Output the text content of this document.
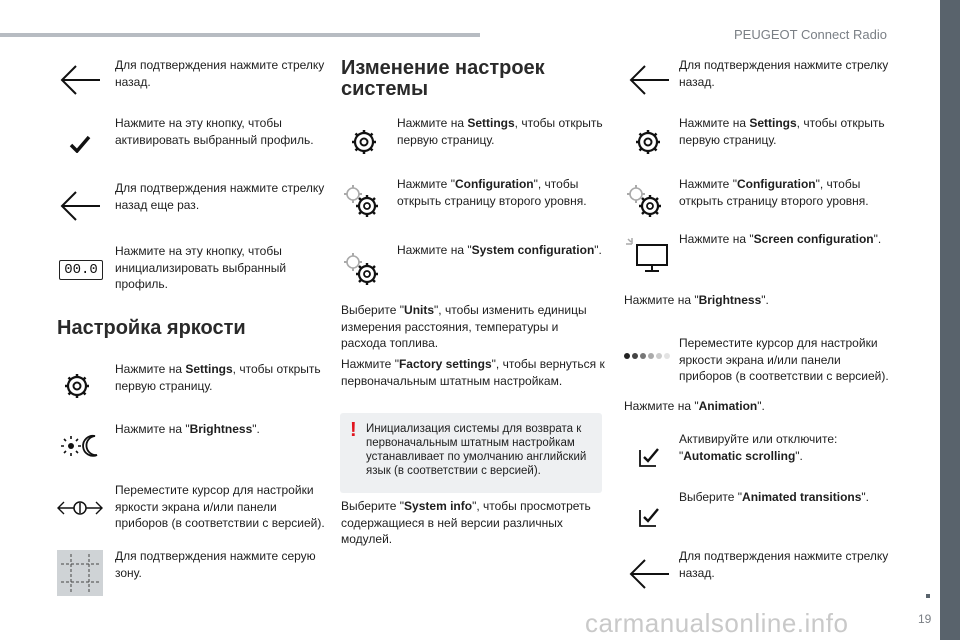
PEUGEOT Connect Radio
19
carmanualsonline.info
Для подтверждения нажмите стрелку назад.
Нажмите на эту кнопку, чтобы активировать выбранный профиль.
Для подтверждения нажмите стрелку назад еще раз.
00.0
Нажмите на эту кнопку, чтобы инициализировать выбранный профиль.
Настройка яркости
Нажмите на Settings, чтобы открыть первую страницу.
Нажмите на "Brightness".
Переместите курсор для настройки яркости экрана и/или панели приборов (в соответствии с версией).
Для подтверждения нажмите серую зону.
Изменение настроек системы
Нажмите на Settings, чтобы открыть первую страницу.
Нажмите "Configuration", чтобы открыть страницу второго уровня.
Нажмите на "System configuration".
Выберите "Units", чтобы изменить единицы измерения расстояния, температуры и расхода топлива.
Нажмите "Factory settings", чтобы вернуться к первоначальным штатным настройкам.
! Инициализация системы для возврата к первоначальным штатным настройкам устанавливает по умолчанию английский язык (в соответствии с версией).
Выберите "System info", чтобы просмотреть содержащиеся в ней версии различных модулей.
Для подтверждения нажмите стрелку назад.
Нажмите на Settings, чтобы открыть первую страницу.
Нажмите "Configuration", чтобы открыть страницу второго уровня.
Нажмите на "Screen configuration".
Нажмите на "Brightness".
Переместите курсор для настройки яркости экрана и/или панели приборов (в соответствии с версией).
Нажмите на "Animation".
Активируйте или отключите: "Automatic scrolling".
Выберите "Animated transitions".
Для подтверждения нажмите стрелку назад.
